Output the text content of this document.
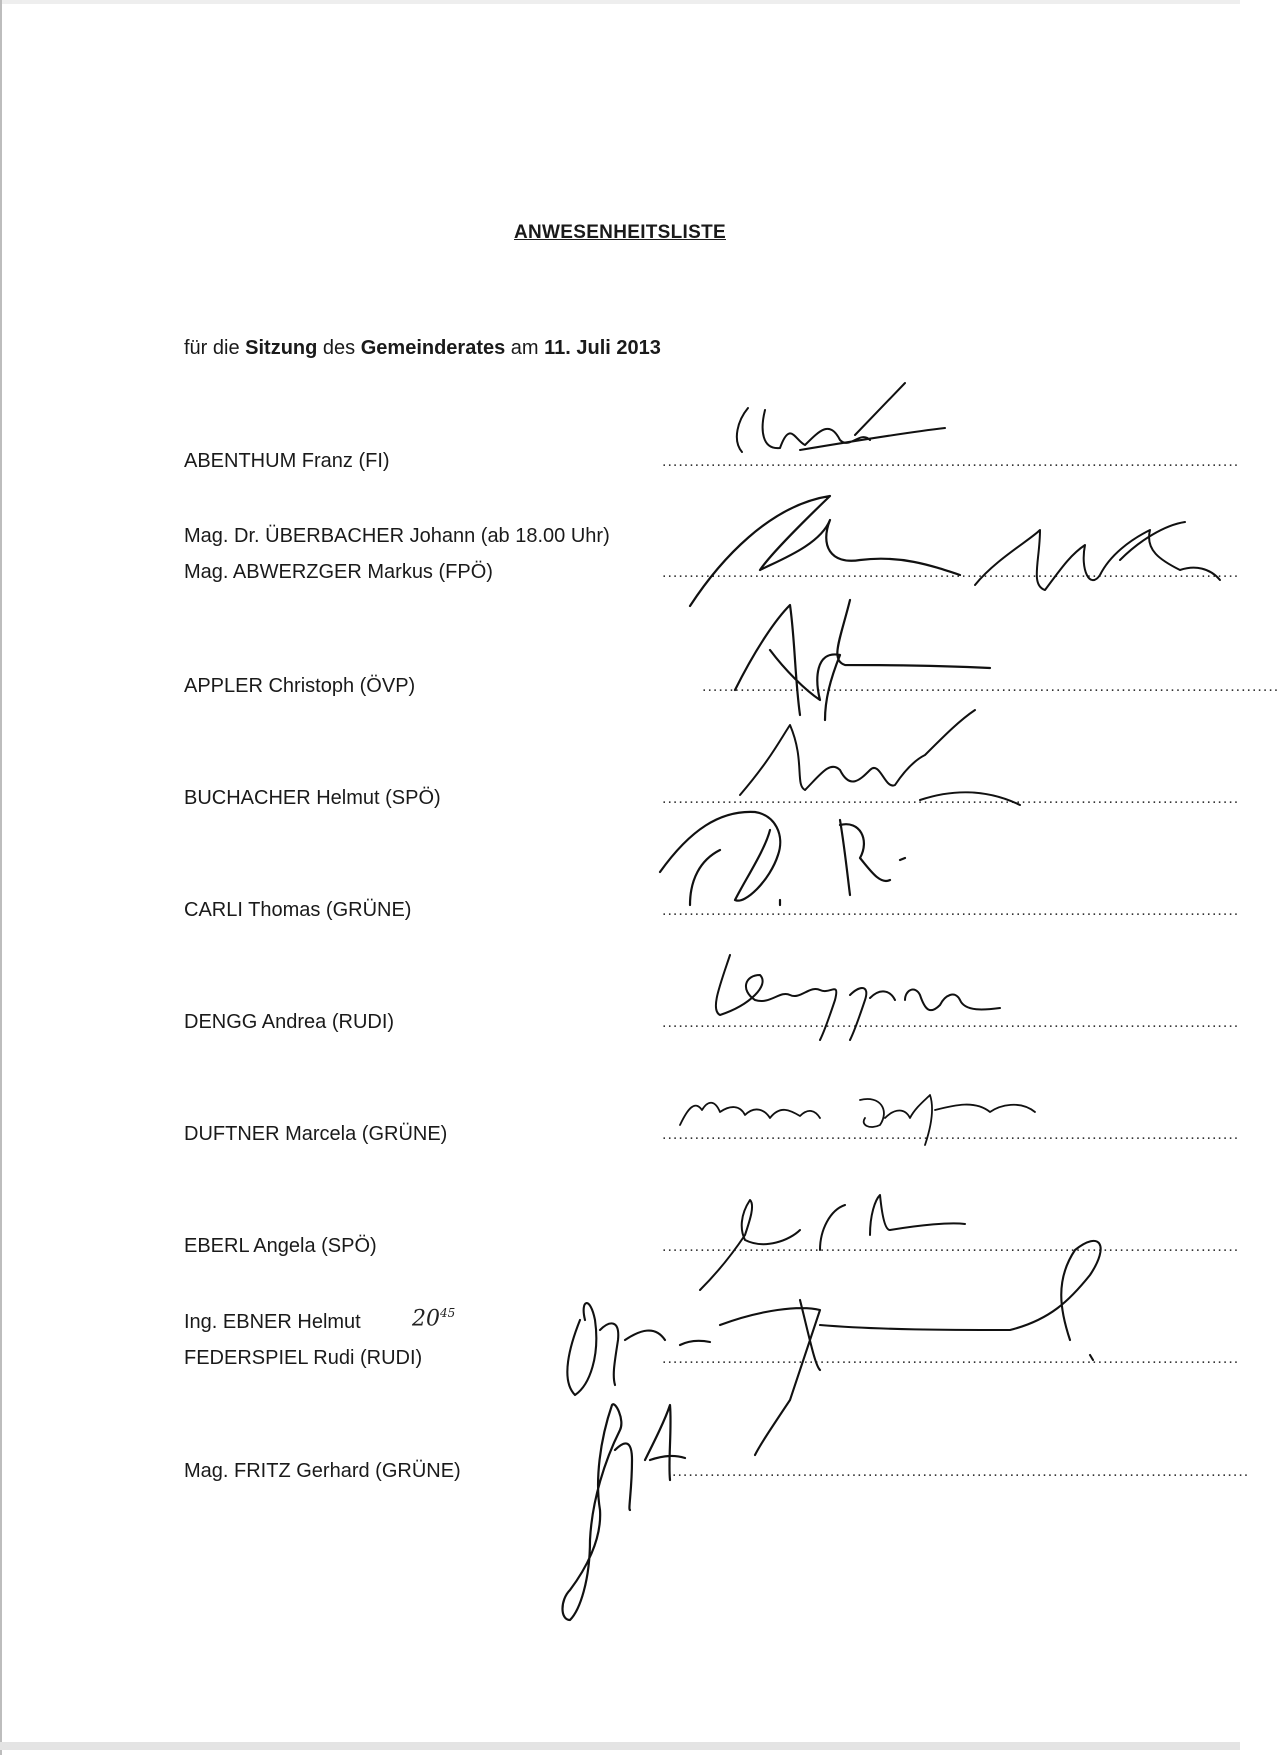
ANWESENHEITSLISTE
für die Sitzung des Gemeinderates am 11. Juli 2013
ABENTHUM Franz (FI)
Mag. Dr. ÜBERBACHER Johann (ab 18.00 Uhr)
Mag. ABWERZGER Markus (FPÖ)
APPLER Christoph (ÖVP)
BUCHACHER Helmut (SPÖ)
CARLI Thomas (GRÜNE)
DENGG Andrea (RUDI)
DUFTNER Marcela (GRÜNE)
EBERL Angela (SPÖ)
Ing. EBNER Helmut
FEDERSPIEL Rudi (RUDI)
Mag. FRITZ Gerhard (GRÜNE)
$20^{45}$
..........................................................................................................
..........................................................................................................
..........................................................................................................
..........................................................................................................
..........................................................................................................
..........................................................................................................
..........................................................................................................
..........................................................................................................
..........................................................................................................
..........................................................................................................
